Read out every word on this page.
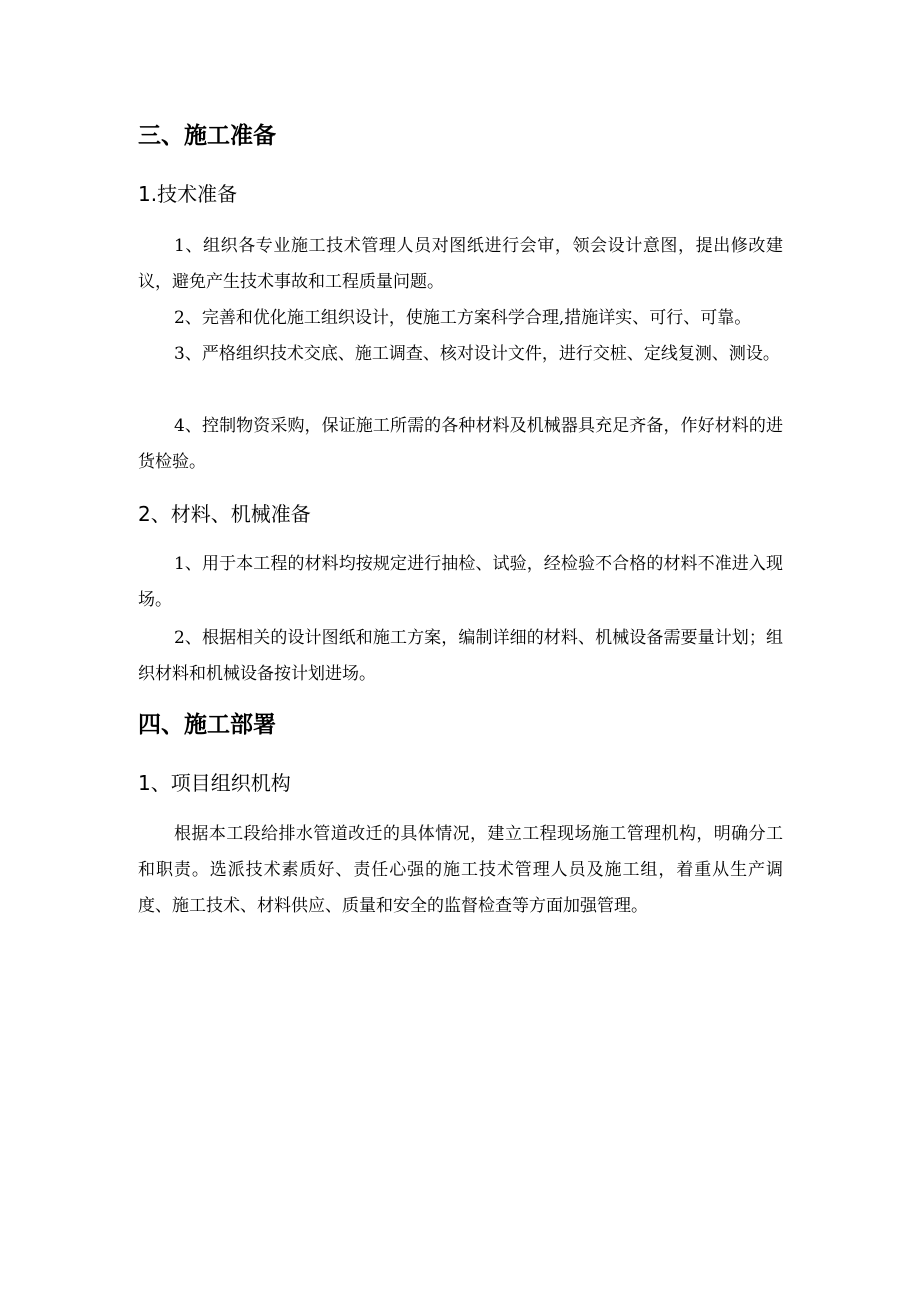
三、施工准备
1.技术准备

1、组织各专业施工技术管理人员对图纸进行会审，领会设计意图，提出修改建议，避免产生技术事故和工程质量问题。

2、完善和优化施工组织设计，使施工方案科学合理,措施详实、可行、可靠。

3、严格组织技术交底、施工调查、核对设计文件，进行交桩、定线复测、测设。

4、控制物资采购，保证施工所需的各种材料及机械器具充足齐备，作好材料的进货检验。

2、材料、机械准备

1、用于本工程的材料均按规定进行抽检、试验，经检验不合格的材料不准进入现场。

2、根据相关的设计图纸和施工方案，编制详细的材料、机械设备需要量计划；组织材料和机械设备按计划进场。

四、施工部署
1、项目组织机构

根据本工段给排水管道改迁的具体情况，建立工程现场施工管理机构，明确分工和职责。选派技术素质好、责任心强的施工技术管理人员及施工组，着重从生产调度、施工技术、材料供应、质量和安全的监督检查等方面加强管理。
